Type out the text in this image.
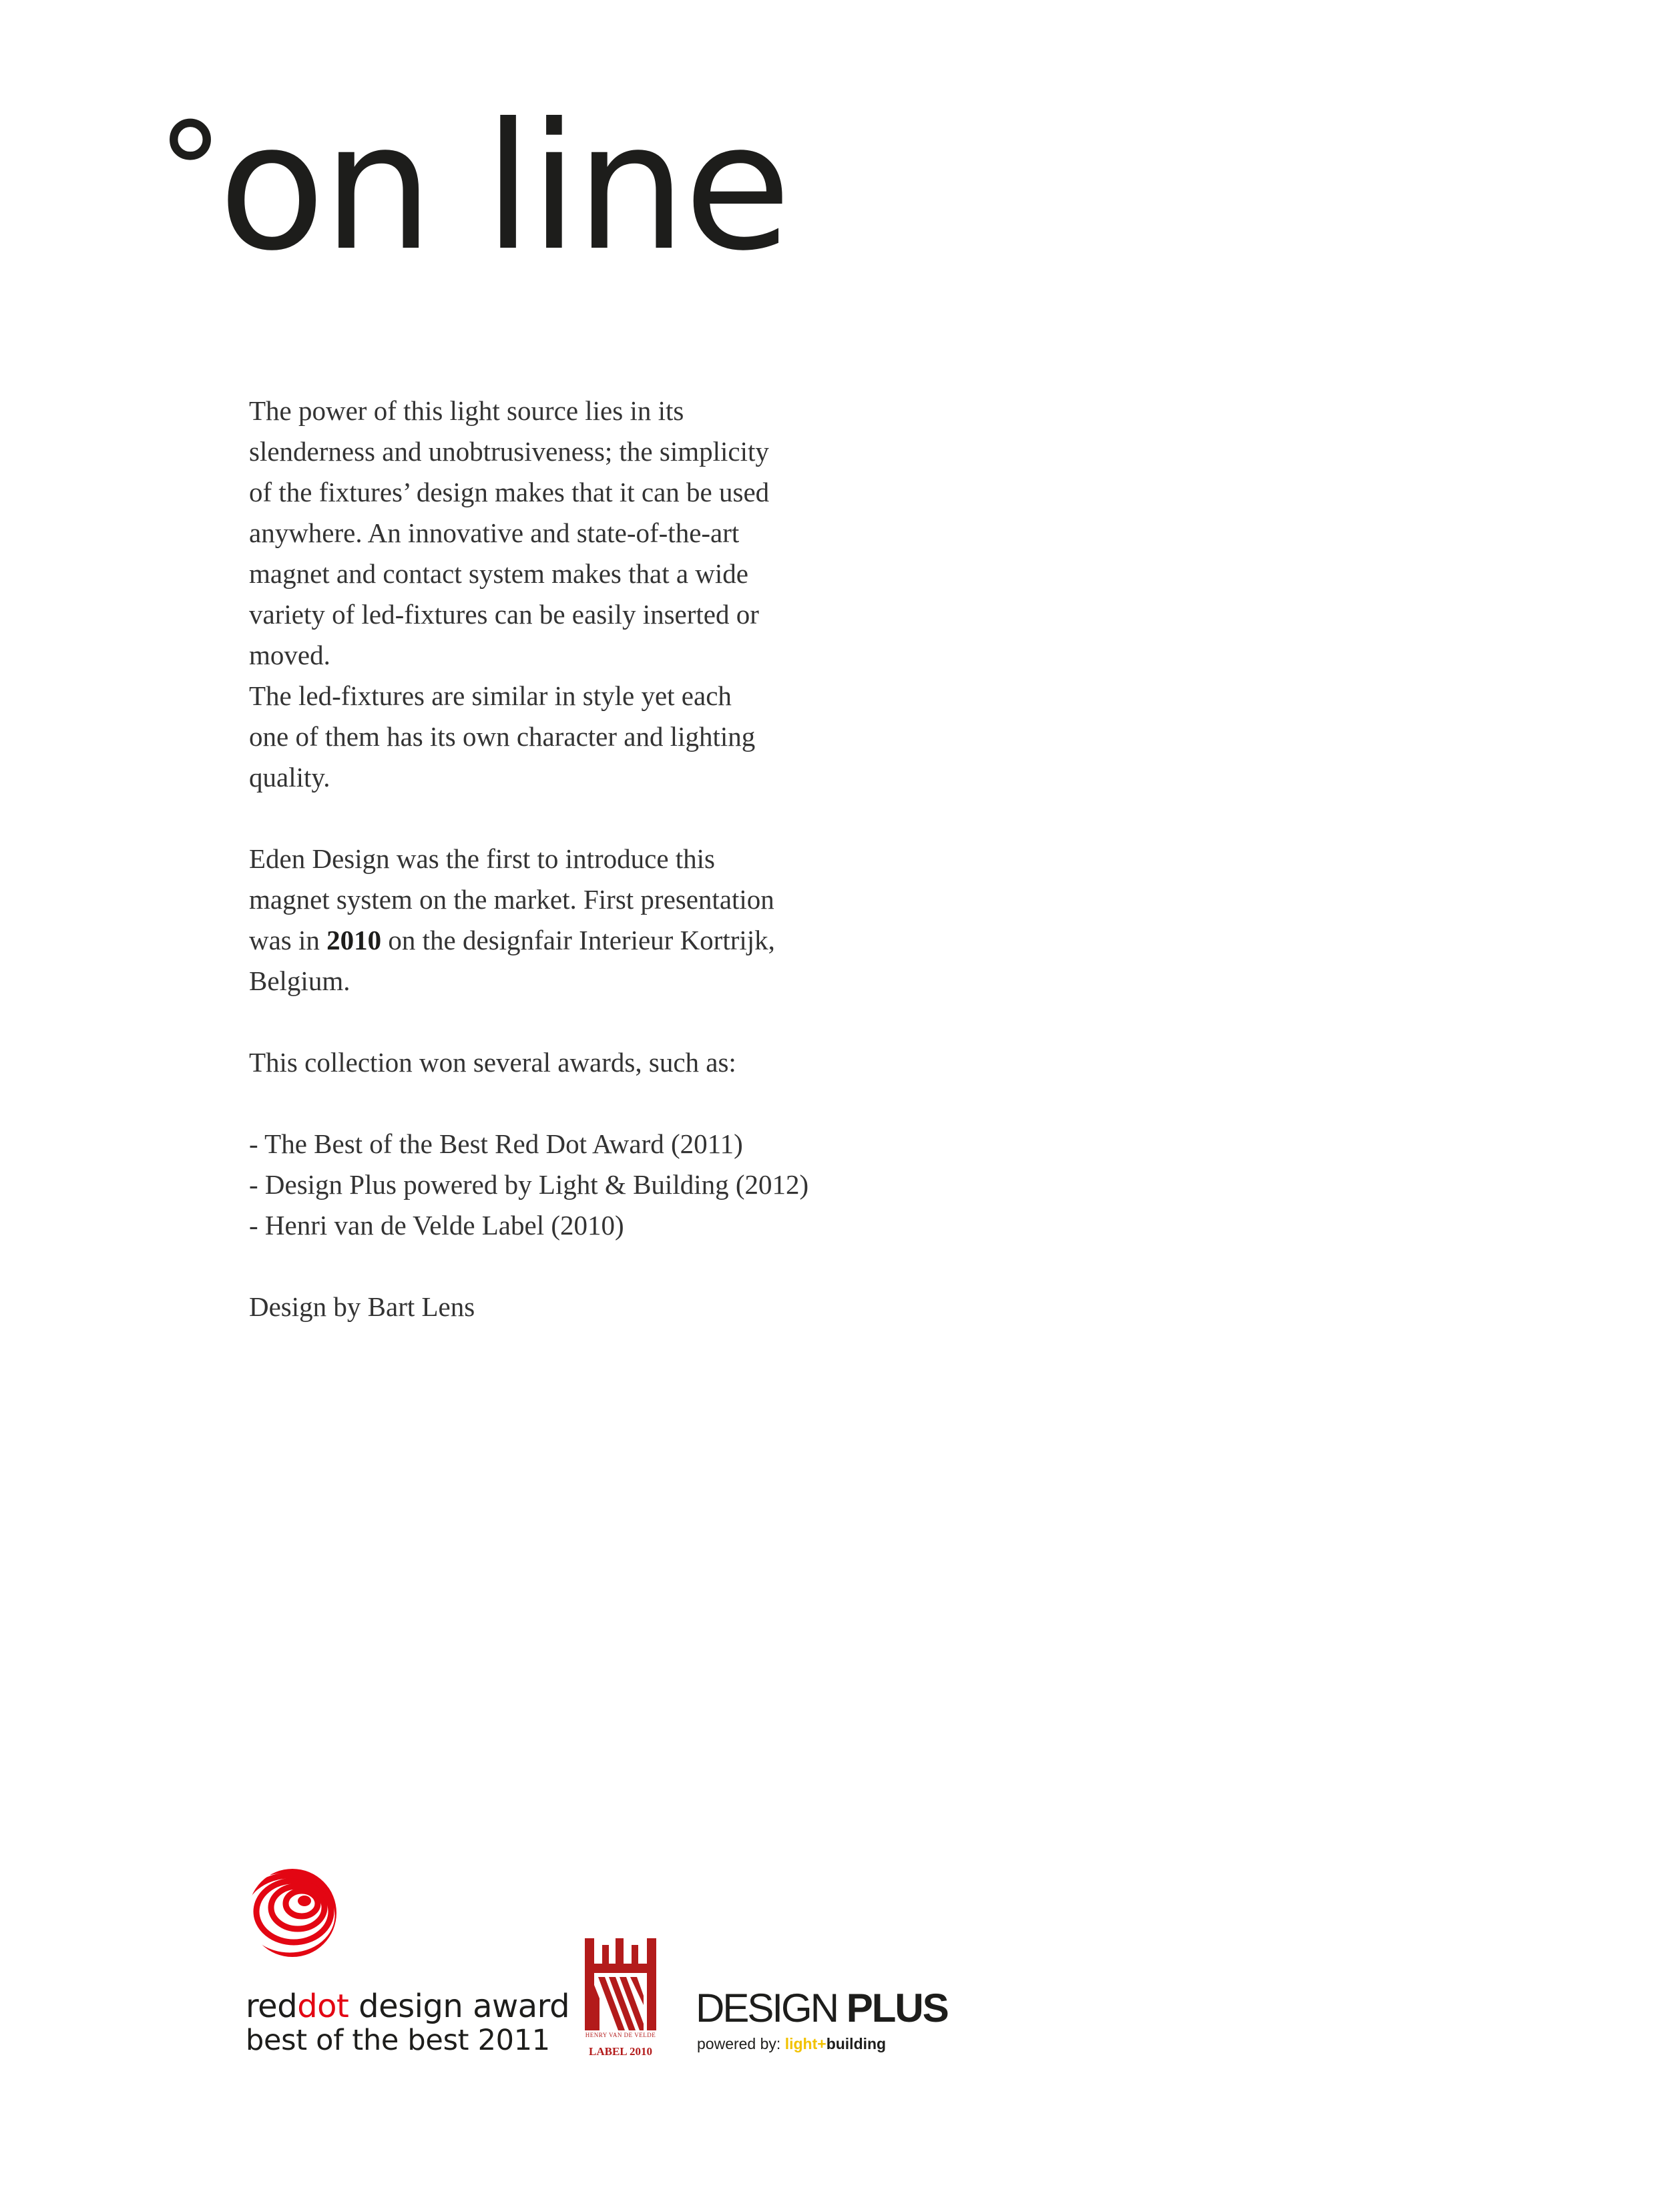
°on line

The power of this light source lies in its
slenderness and unobtrusiveness; the simplicity
of the fixtures’ design makes that it can be used
anywhere. An innovative and state-of-the-art
magnet and contact system makes that a wide
variety of led-fixtures can be easily inserted or
moved.
The led-fixtures are similar in style yet each
one of them has its own character and lighting
quality.

Eden Design was the first to introduce this
magnet system on the market. First presentation
was in 2010 on the designfair Interieur Kortrijk,
Belgium.

This collection won several awards, such as:

- The Best of the Best Red Dot Award (2011)
- Design Plus powered by Light & Building (2012)
- Henri van de Velde Label (2010)

Design by Bart Lens

reddot design award
best of the best 2011	HENRY VAN DE VELDE
LABEL 2010
DESIGN PLUS
powered by: light+building
